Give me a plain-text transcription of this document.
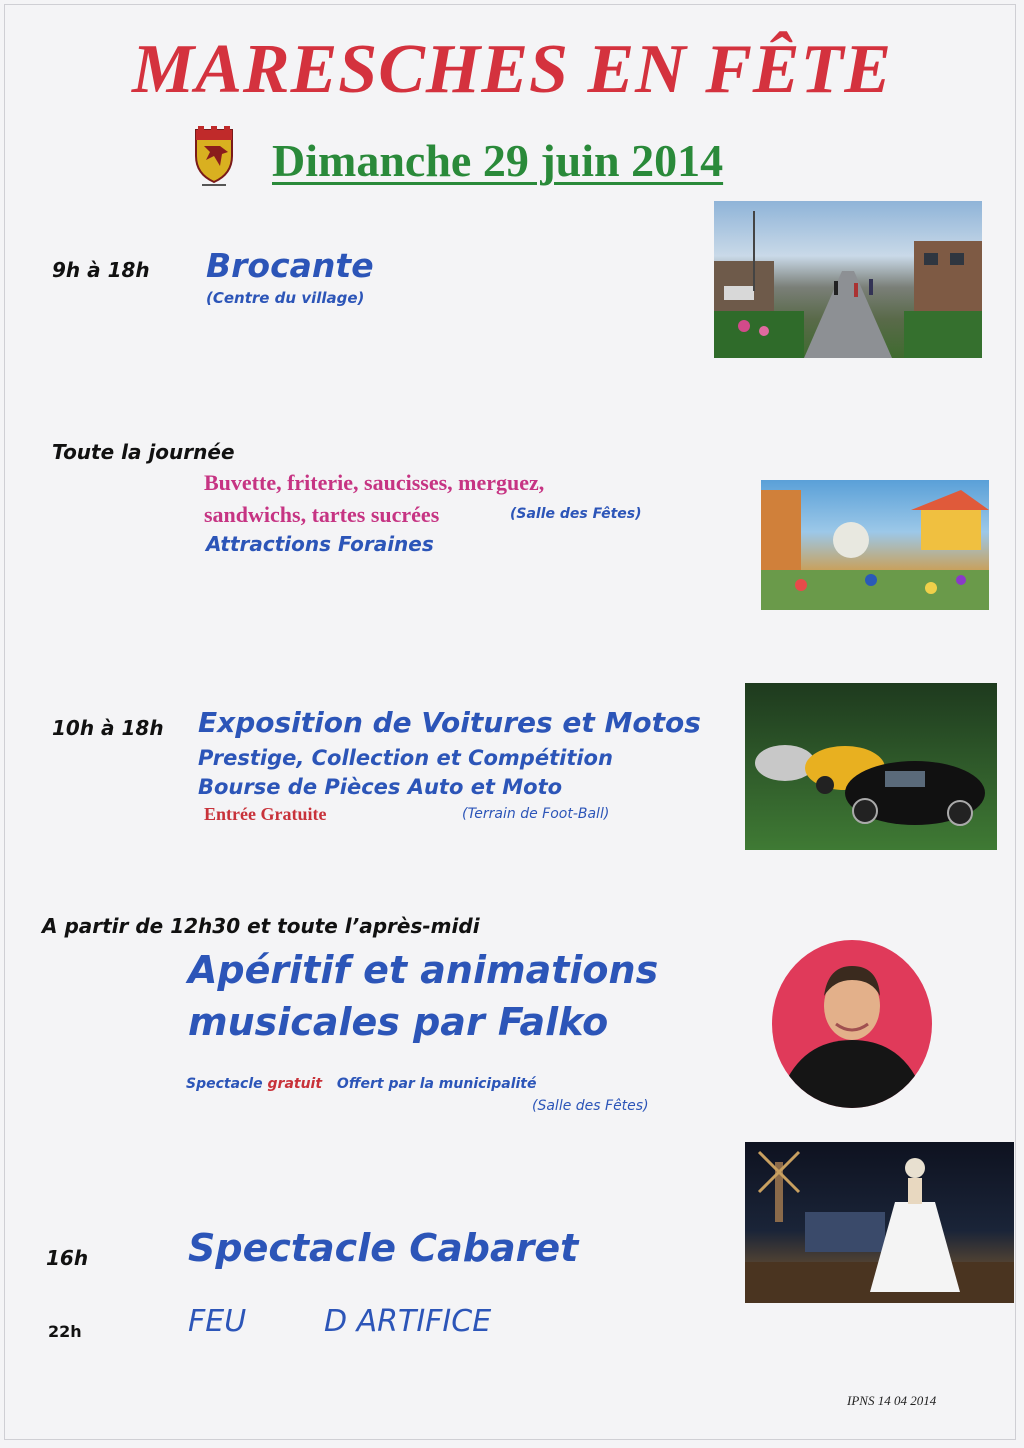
MARESCHES EN FÊTE
Dimanche 29 juin 2014
9h à 18h Brocante
(Centre du village)
Toute la journée
Buvette, friterie, saucisses, merguez,
sandwichs, tartes sucrées	(Salle des Fêtes)
Attractions Foraines
10h à 18h Exposition de Voitures et Motos
Prestige, Collection et Compétition
Bourse de Pièces Auto et Moto
Entrée Gratuite	(Terrain de Foot-Ball)
A partir de 12h30 et toute l’après-midi
Apéritif et animations
musicales par Falko
Spectacle gratuit Offert par la municipalité
(Salle des Fêtes)
16h	Spectacle Cabaret
22h	FEU	D ARTIFICE
IPNS 14 04 2014
